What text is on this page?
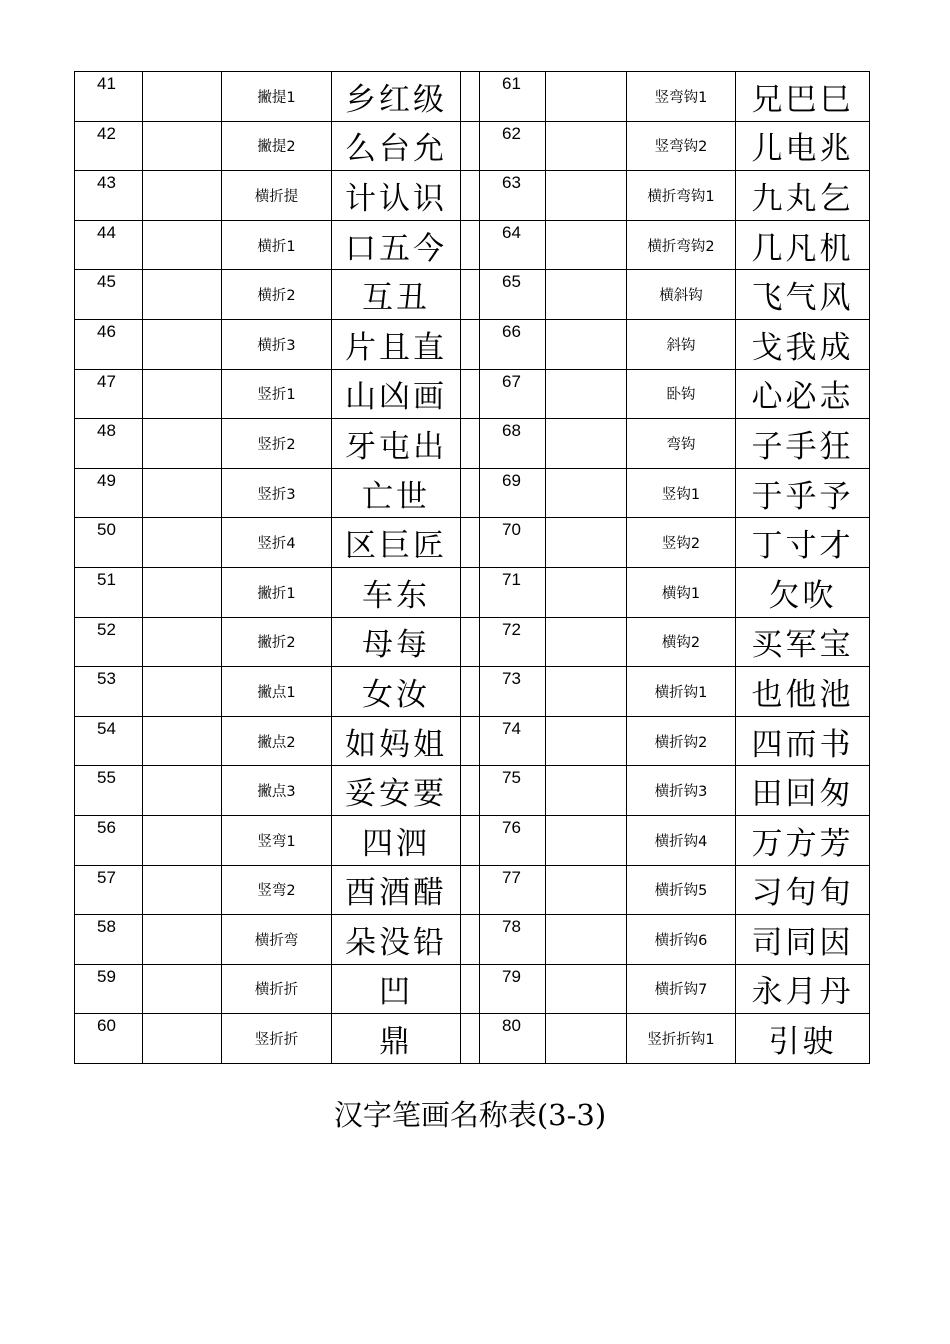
41		撇提1	乡红级		61		竖弯钩1	兄巴巳
42		撇提2	么台允		62		竖弯钩2	儿电兆
43		横折提	计认识		63		横折弯钩1	九丸乞
44		横折1	口五今		64		横折弯钩2	几凡机
45		横折2	互丑		65		横斜钩	飞气风
46		横折3	片且直		66		斜钩	戈我成
47		竖折1	山凶画		67		卧钩	心必志
48		竖折2	牙屯出		68		弯钩	子手狂
49		竖折3	亡世		69		竖钩1	于乎予
50		竖折4	区巨匠		70		竖钩2	丁寸才
51		撇折1	车东		71		横钩1	欠吹
52		撇折2	母每		72		横钩2	买军宝
53		撇点1	女汝		73		横折钩1	也他池
54		撇点2	如妈姐		74		横折钩2	四而书
55		撇点3	妥安要		75		横折钩3	田回匆
56		竖弯1	四泗		76		横折钩4	万方芳
57		竖弯2	酉酒醋		77		横折钩5	习句旬
58		横折弯	朵没铅		78		横折钩6	司同因
59		横折折	凹		79		横折钩7	永月丹
60		竖折折	鼎		80		竖折折钩1	引驶
汉字笔画名称表(3-3)
